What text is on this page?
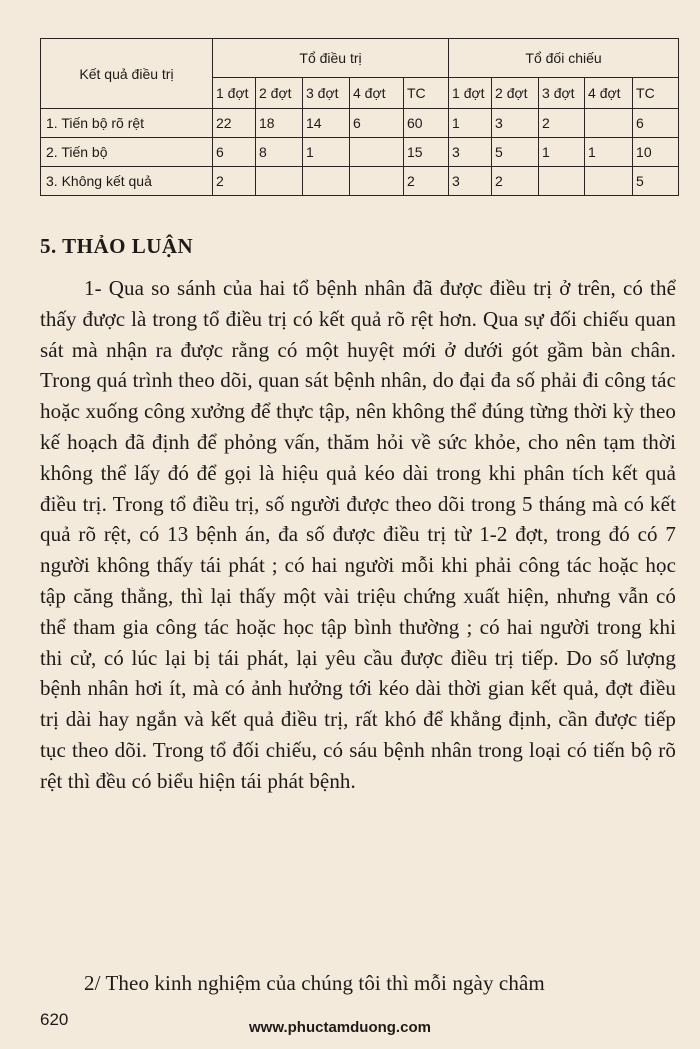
Kết quả điều trị	Tổ điều trị					Tổ đối chiếu				
	1 đợt	2 đợt	3 đợt	4 đợt	TC	1 đợt	2 đợt	3 đợt	4 đợt	TC
1. Tiến bộ rõ rệt	22	18	14	6	60	1	3	2		6
2. Tiến bộ	6	8	1		15	3	5	1	1	10
3. Không kết quả	2				2	3	2			5
5. THẢO LUẬN

1- Qua so sánh của hai tổ bệnh nhân đã được điều trị ở trên, có thể thấy được là trong tổ điều trị có kết quả rõ rệt hơn. Qua sự đối chiếu quan sát mà nhận ra được rằng có một huyệt mới ở dưới gót gầm bàn chân. Trong quá trình theo dõi, quan sát bệnh nhân, do đại đa số phải đi công tác hoặc xuống công xưởng để thực tập, nên không thể đúng từng thời kỳ theo kế hoạch đã định để phỏng vấn, thăm hỏi về sức khỏe, cho nên tạm thời không thể lấy đó để gọi là hiệu quả kéo dài trong khi phân tích kết quả điều trị. Trong tổ điều trị, số người được theo dõi trong 5 tháng mà có kết quả rõ rệt, có 13 bệnh án, đa số được điều trị từ 1-2 đợt, trong đó có 7 người không thấy tái phát ; có hai người mỗi khi phải công tác hoặc học tập căng thẳng, thì lại thấy một vài triệu chứng xuất hiện, nhưng vẫn có thể tham gia công tác hoặc học tập bình thường ; có hai người trong khi thi cử, có lúc lại bị tái phát, lại yêu cầu được điều trị tiếp. Do số lượng bệnh nhân hơi ít, mà có ảnh hưởng tới kéo dài thời gian kết quả, đợt điều trị dài hay ngắn và kết quả điều trị, rất khó để khẳng định, cần được tiếp tục theo dõi. Trong tổ đối chiếu, có sáu bệnh nhân trong loại có tiến bộ rõ rệt thì đều có biểu hiện tái phát bệnh.

2/ Theo kinh nghiệm của chúng tôi thì mỗi ngày châm

620	www.phuctamduong.com
